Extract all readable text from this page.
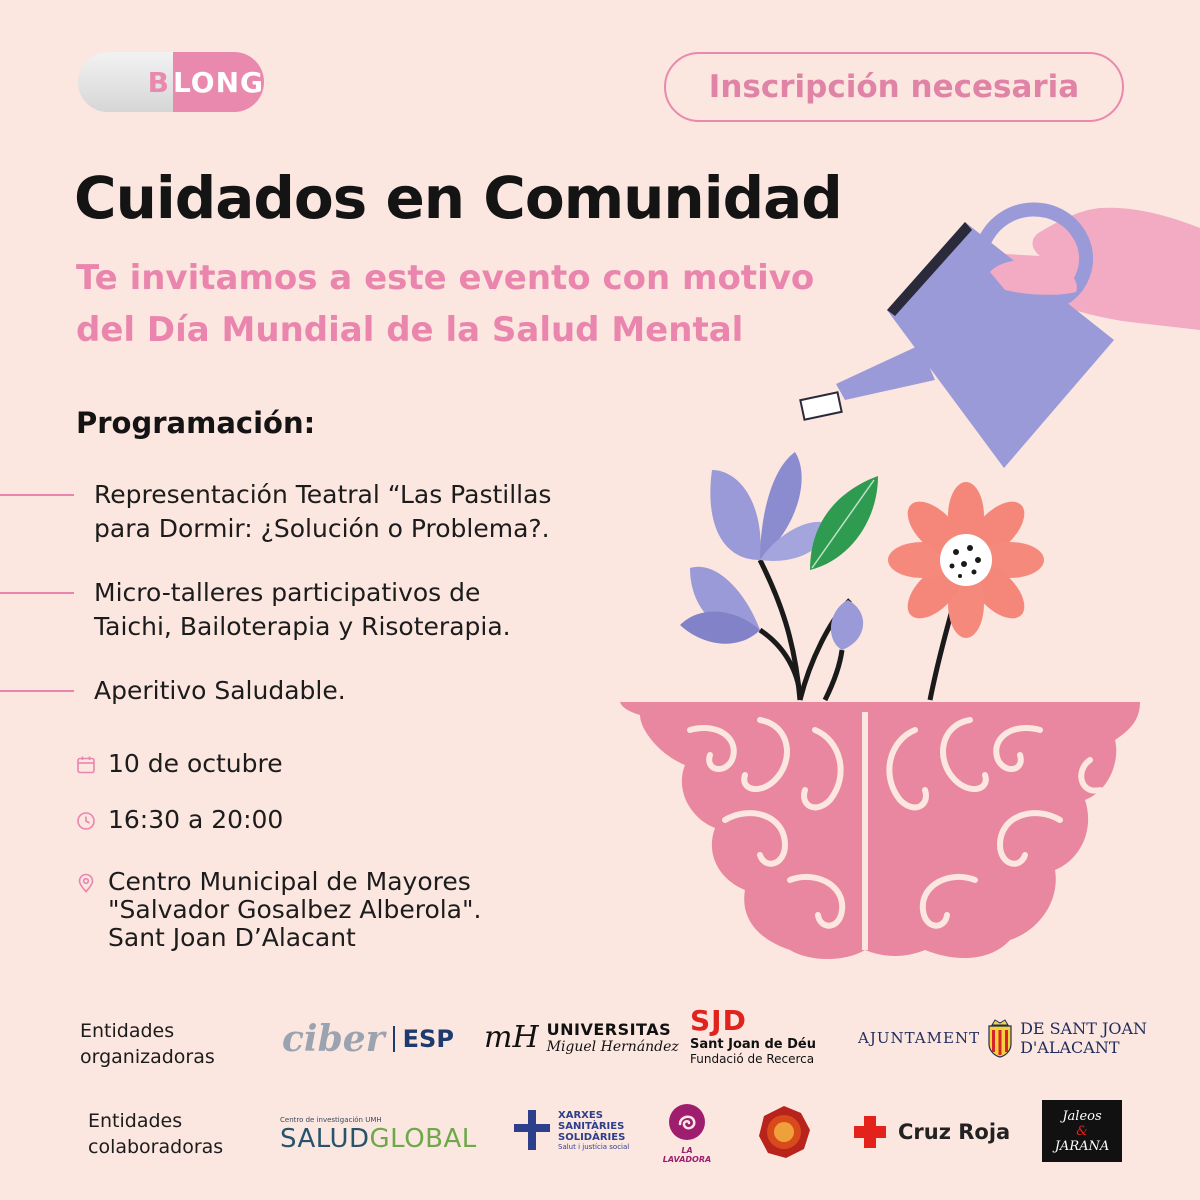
B LONG	Inscripción necesaria
Cuidados en Comunidad
Te invitamos a este evento con motivo
del Día Mundial de la Salud Mental
Programación:
Representación Teatral “Las Pastillas
para Dormir: ¿Solución o Problema?.
Micro-talleres participativos de
Taichi, Bailoterapia y Risoterapia.
Aperitivo Saludable.
10 de octubre
16:30 a 20:00
Centro Municipal de Mayores
"Salvador Gosalbez Alberola".
Sant Joan D’Alacant
Entidades
organizadoras ciber ESP mH UNIVERSITAS
Miguel Hernández
SJD
Sant Joan de Déu
Fundació de Recerca
AJUNTAMENT	DE SANT JOAN
D'ALACANT
Entidades
colaboradoras
Centro de investigación UMH
SALUDGLOBAL
XARXES
SANITÀRIES
SOLIDÀRIES
Salut i justícia social	LA LAVADORA
Cruz Roja
Jaleos
&
JARANA
